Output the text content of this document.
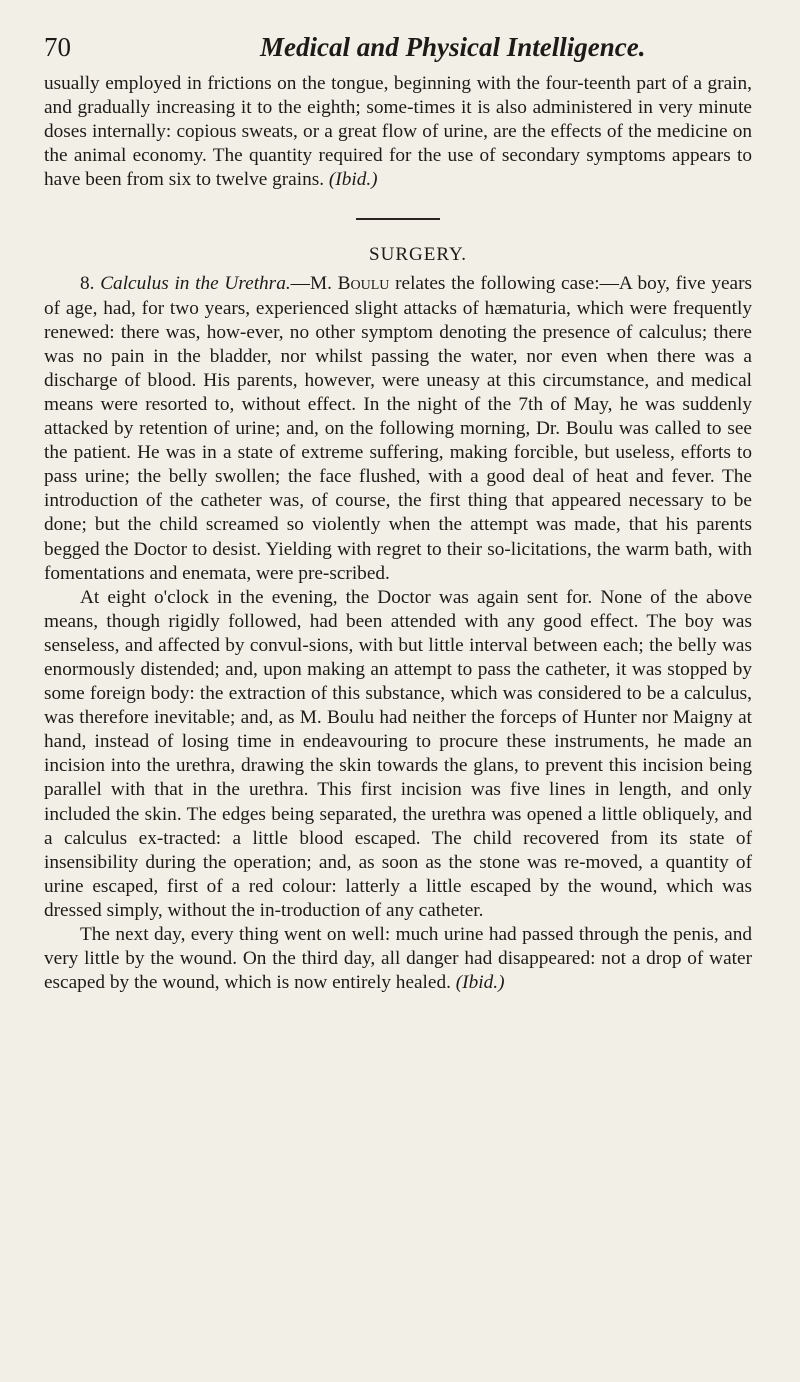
70	Medical and Physical Intelligence.

usually employed in frictions on the tongue, beginning with the four-teenth part of a grain, and gradually increasing it to the eighth; some-times it is also administered in very minute doses internally: copious sweats, or a great flow of urine, are the effects of the medicine on the animal economy. The quantity required for the use of secondary symptoms appears to have been from six to twelve grains. (Ibid.)

SURGERY.

8. Calculus in the Urethra.—M. Boulu relates the following case:—A boy, five years of age, had, for two years, experienced slight attacks of hæmaturia, which were frequently renewed: there was, how-ever, no other symptom denoting the presence of calculus; there was no pain in the bladder, nor whilst passing the water, nor even when there was a discharge of blood. His parents, however, were uneasy at this circumstance, and medical means were resorted to, without effect. In the night of the 7th of May, he was suddenly attacked by retention of urine; and, on the following morning, Dr. Boulu was called to see the patient. He was in a state of extreme suffering, making forcible, but useless, efforts to pass urine; the belly swollen; the face flushed, with a good deal of heat and fever. The introduction of the catheter was, of course, the first thing that appeared necessary to be done; but the child screamed so violently when the attempt was made, that his parents begged the Doctor to desist. Yielding with regret to their so-licitations, the warm bath, with fomentations and enemata, were pre-scribed.

At eight o'clock in the evening, the Doctor was again sent for. None of the above means, though rigidly followed, had been attended with any good effect. The boy was senseless, and affected by convul-sions, with but little interval between each; the belly was enormously distended; and, upon making an attempt to pass the catheter, it was stopped by some foreign body: the extraction of this substance, which was considered to be a calculus, was therefore inevitable; and, as M. Boulu had neither the forceps of Hunter nor Maigny at hand, instead of losing time in endeavouring to procure these instruments, he made an incision into the urethra, drawing the skin towards the glans, to prevent this incision being parallel with that in the urethra. This first incision was five lines in length, and only included the skin. The edges being separated, the urethra was opened a little obliquely, and a calculus ex-tracted: a little blood escaped. The child recovered from its state of insensibility during the operation; and, as soon as the stone was re-moved, a quantity of urine escaped, first of a red colour: latterly a little escaped by the wound, which was dressed simply, without the in-troduction of any catheter.

The next day, every thing went on well: much urine had passed through the penis, and very little by the wound. On the third day, all danger had disappeared: not a drop of water escaped by the wound, which is now entirely healed. (Ibid.)
